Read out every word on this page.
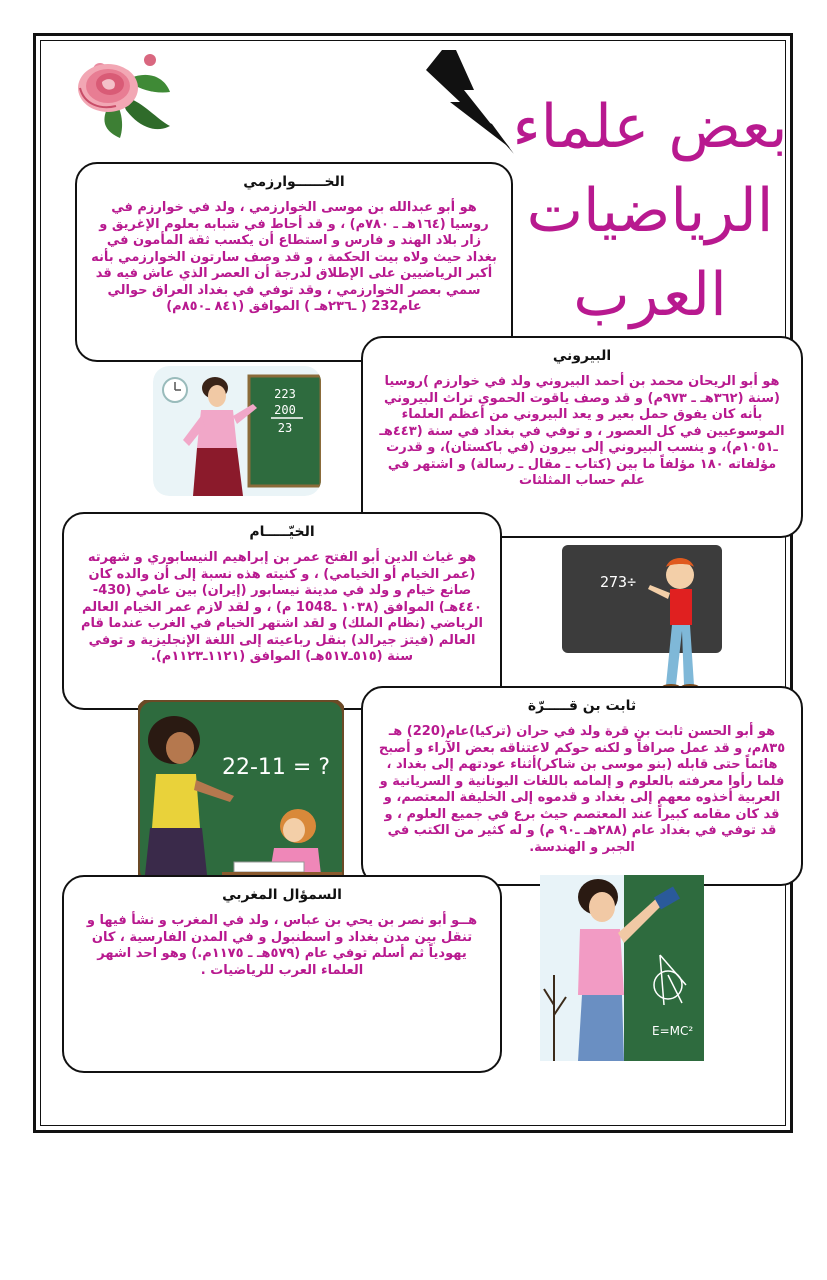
بعض علماء
الرياضيات
العرب
الخــــــوارزمي

هو أبو عبدالله بن موسى الخوارزمي ، ولد في خوارزم في روسيا (١٦٤هـ ـ ٧٨٠م) ، و قد أحاط في شبابه بعلوم الإغريق و زار بلاد الهند و فارس و استطاع أن يكسب ثقة المأمون في بغداد حيث ولاه بيت الحكمة ، و قد وصف سارتون الخوارزمي بأنه أكبر الرياضيين على الإطلاق لدرجة أن العصر الذي عاش فيه قد سمي بعصر الخوارزمي ، وقد توفي في بغداد العراق حوالي عام232 ( ـ٢٣٦هـ ) الموافق (٨٤١ ـ٨٥٠م)

223
200
23
البيروني

هو أبو الريحان محمد بن أحمد البيروني ولد في خوارزم )روسيا (سنة (٣٦٢هـ ـ ٩٧٣م) و قد وصف ياقوت الحموي تراث البيروني بأنه كان يفوق حمل بعير و يعد البيروني من أعظم العلماء الموسوعيين في كل العصور ، و توفي في بغداد في سنة (٤٤٣هـ ـ١٠٥١م)، و ينسب البيروني إلى بيرون (في باكستان)، و قدرت مؤلفاته ١٨٠ مؤلفاً ما بين (كتاب ـ مقال ـ رسالة) و اشتهر في علم حساب المثلثات

الخيّـــــام

هو غياث الدين أبو الفتح عمر بن إبراهيم النيسابوري و شهرته (عمر الخيام أو الخيامي) ، و كنيته هذه نسبة إلى أن والده كان صانع خيام و ولد في مدينة نيسابور (إيران) بين عامي (430- ٤٤٠هـ) الموافق (١٠٣٨ ـ1048 م) ، و لقد لازم عمر الخيام العالم الرياضي (نظام الملك) و لقد اشتهر الخيام في الغرب عندما قام العالم (فيتز جيرالد) بنقل رباعيته إلى اللغة الإنجليزية و توفي سنة (٥١٥ـ٥١٧هـ) الموافق (١١٢١ـ١١٢٣م).

273÷
ثابت بن قـــــرّة

هو أبو الحسن ثابت بن قرة ولد في حران (تركيا)عام(220) هـ ٨٣٥م، و قد عمل صرافاً و لكنه حوكم لاعتناقه بعض الآراء و أصبح هائماً حتى قابله (بنو موسى بن شاكر)أثناء عودتهم إلى بغداد ، فلما رأوا معرفته بالعلوم و إلمامه باللغات اليونانية و السريانية و العربية أخذوه معهم إلى بغداد و قدموه إلى الخليفة المعتصم، و قد كان مقامه كبيراً عند المعتصم حيث برع في جميع العلوم ، و قد توفي في بغداد عام (٢٨٨هـ ـ٩٠ م) و له كثير من الكتب في الجبر و الهندسة.

22-11 = ?
السمؤال المغربي

هــو أبو نصر بن يحي بن عباس ، ولد في المغرب و نشأ فيها و تنقل بين مدن بغداد و اسطنبول و في المدن الفارسية ، كان يهودياً ثم أسلم توفي عام (٥٧٩هـ ـ ١١٧٥م.) وهو احد اشهر العلماء العرب للرياضيات .

E=MC²
